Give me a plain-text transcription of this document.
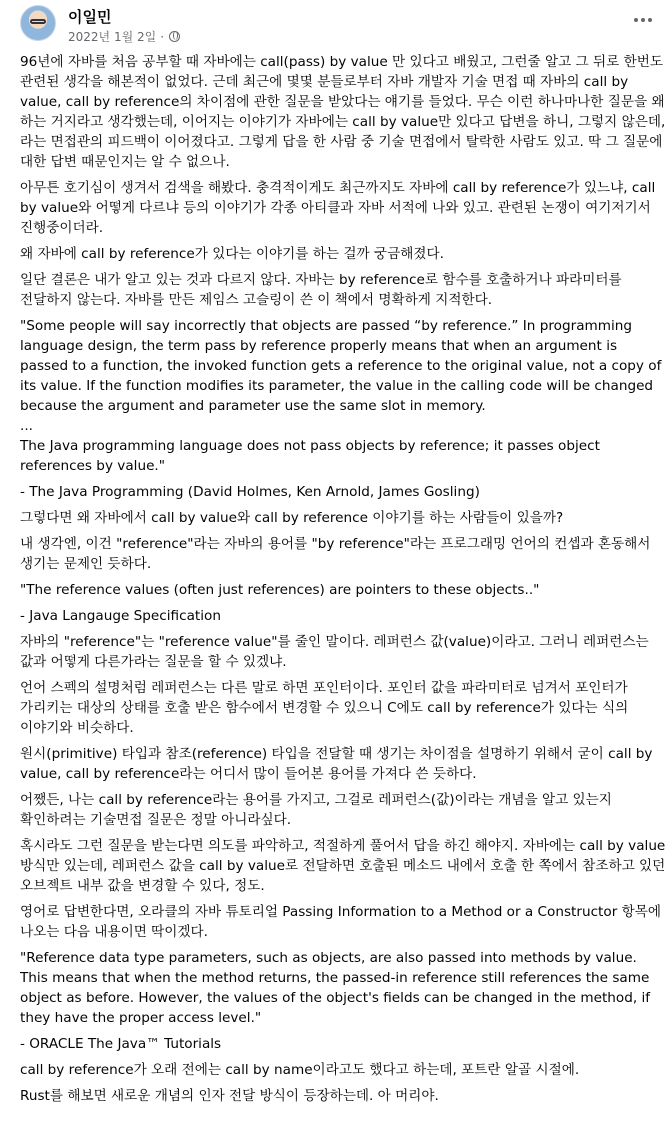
이일민
2022년 1월 2일 ·

96년에 자바를 처음 공부할 때 자바에는 call(pass) by value 만 있다고 배웠고, 그런줄 알고 그 뒤로 한번도 관련된 생각을 해본적이 없었다. 근데 최근에 몇몇 분들로부터 자바 개발자 기술 면접 때 자바의 call by value, call by reference의 차이점에 관한 질문을 받았다는 얘기를 들었다. 무슨 이런 하나마나한 질문을 왜 하는 거지라고 생각했는데, 이어지는 이야기가 자바에는 call by value만 있다고 답변을 하니, 그렇지 않은데,라는 면접관의 피드백이 이어졌다고. 그렇게 답을 한 사람 중 기술 면접에서 탈락한 사람도 있고. 딱 그 질문에 대한 답변 때문인지는 알 수 없으나.

아무튼 호기심이 생겨서 검색을 해봤다. 충격적이게도 최근까지도 자바에 call by reference가 있느냐, call by value와 어떻게 다르냐 등의 이야기가 각종 아티클과 자바 서적에 나와 있고. 관련된 논쟁이 여기저기서 진행중이더라.

왜 자바에 call by reference가 있다는 이야기를 하는 걸까 궁금해졌다.

일단 결론은 내가 알고 있는 것과 다르지 않다. 자바는 by reference로 함수를 호출하거나 파라미터를 전달하지 않는다. 자바를 만든 제임스 고슬링이 쓴 이 책에서 명확하게 지적한다.

"Some people will say incorrectly that objects are passed “by reference.” In programming language design, the term pass by reference properly means that when an argument is passed to a function, the invoked function gets a reference to the original value, not a copy of its value. If the function modifies its parameter, the value in the calling code will be changed because the argument and parameter use the same slot in memory.
...
The Java programming language does not pass objects by reference; it passes object references by value."

- The Java Programming (David Holmes, Ken Arnold, James Gosling)

그렇다면 왜 자바에서 call by value와 call by reference 이야기를 하는 사람들이 있을까?

내 생각엔, 이건 "reference"라는 자바의 용어를 "by reference"라는 프로그래밍 언어의 컨셉과 혼동해서 생기는 문제인 듯하다.

"The reference values (often just references) are pointers to these objects.."

- Java Langauge Specification

자바의 "reference"는 "reference value"를 줄인 말이다. 레퍼런스 값(value)이라고. 그러니 레퍼런스는 값과 어떻게 다른가라는 질문을 할 수 있겠냐.

언어 스펙의 설명처럼 레퍼런스는 다른 말로 하면 포인터이다. 포인터 값을 파라미터로 넘겨서 포인터가 가리키는 대상의 상태를 호출 받은 함수에서 변경할 수 있으니 C에도 call by reference가 있다는 식의 이야기와 비슷하다.

원시(primitive) 타입과 참조(reference) 타입을 전달할 때 생기는 차이점을 설명하기 위해서 굳이 call by value, call by reference라는 어디서 많이 들어본 용어를 가져다 쓴 듯하다.

어쨌든, 나는 call by reference라는 용어를 가지고, 그걸로 레퍼런스(값)이라는 개념을 알고 있는지 확인하려는 기술면접 질문은 정말 아니라싶다.

혹시라도 그런 질문을 받는다면 의도를 파악하고, 적절하게 풀어서 답을 하긴 해야지. 자바에는 call by value 방식만 있는데, 레퍼런스 값을 call by value로 전달하면 호출된 메소드 내에서 호출 한 쪽에서 참조하고 있던 오브젝트 내부 값을 변경할 수 있다, 정도.

영어로 답변한다면, 오라클의 자바 튜토리얼 Passing Information to a Method or a Constructor 항목에 나오는 다음 내용이면 딱이겠다.

"Reference data type parameters, such as objects, are also passed into methods by value. This means that when the method returns, the passed-in reference still references the same object as before. However, the values of the object's fields can be changed in the method, if they have the proper access level."

- ORACLE The Java™ Tutorials

call by reference가 오래 전에는 call by name이라고도 했다고 하는데, 포트란 알골 시절에.

Rust를 해보면 새로운 개념의 인자 전달 방식이 등장하는데. 아 머리야.
